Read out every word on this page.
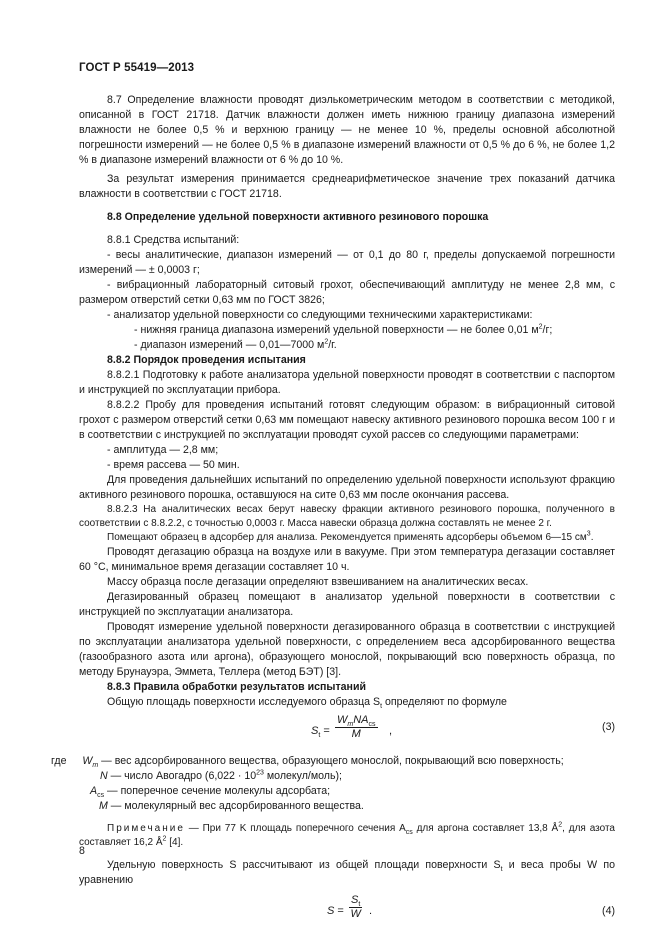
ГОСТ Р 55419—2013

8.7 Определение влажности проводят диэлькометрическим методом в соответствии с методикой, описанной в ГОСТ 21718. Датчик влажности должен иметь нижнюю границу диапазона измерений влажности не более 0,5 % и верхнюю границу — не менее 10 %, пределы основной абсолютной погрешности измерений — не более 0,5 % в диапазоне измерений влажности от 0,5 % до 6 %, не более 1,2 % в диапазоне измерений влажности от 6 % до 10 %.

За результат измерения принимается среднеарифметическое значение трех показаний датчика влажности в соответствии с ГОСТ 21718.

8.8 Определение удельной поверхности активного резинового порошка

8.8.1 Средства испытаний:

- весы аналитические, диапазон измерений — от 0,1 до 80 г, пределы допускаемой погрешности измерений — ± 0,0003 г;

- вибрационный лабораторный ситовый грохот, обеспечивающий амплитуду не менее 2,8 мм, с размером отверстий сетки 0,63 мм по ГОСТ 3826;

- анализатор удельной поверхности со следующими техническими характеристиками:

- нижняя граница диапазона измерений удельной поверхности — не более 0,01 $м^2/г$;

- диапазон измерений — 0,01—7000 $м^2/г$.

8.8.2 Порядок проведения испытания

8.8.2.1 Подготовку к работе анализатора удельной поверхности проводят в соответствии с паспортом и инструкцией по эксплуатации прибора.

8.8.2.2 Пробу для проведения испытаний готовят следующим образом: в вибрационный ситовой грохот с размером отверстий сетки 0,63 мм помещают навеску активного резинового порошка весом 100 г и в соответствии с инструкцией по эксплуатации проводят сухой рассев со следующими параметрами:

- амплитуда — 2,8 мм;

- время рассева — 50 мин.

Для проведения дальнейших испытаний по определению удельной поверхности используют фракцию активного резинового порошка, оставшуюся на сите 0,63 мм после окончания рассева.

8.8.2.3 На аналитических весах берут навеску фракции активного резинового порошка, полученного в соответствии с 8.8.2.2, с точностью 0,0003 г. Масса навески образца должна составлять не менее 2 г.

Помещают образец в адсорбер для анализа. Рекомендуется применять адсорберы объемом 6—15 $см^3$.

Проводят дегазацию образца на воздухе или в вакууме. При этом температура дегазации составляет 60 °С, минимальное время дегазации составляет 10 ч.

Массу образца после дегазации определяют взвешиванием на аналитических весах.

Дегазированный образец помещают в анализатор удельной поверхности в соответствии с инструкцией по эксплуатации анализатора.

Проводят измерение удельной поверхности дегазированного образца в соответствии с инструкцией по эксплуатации анализатора удельной поверхности, с определением веса адсорбированного вещества (газообразного азота или аргона), образующего монослой, покрывающий всю поверхность образца, по методу Брунауэра, Эммета, Теллера (метод БЭТ) [3].

8.8.3 Правила обработки результатов испытаний

Общую площадь поверхности исследуемого образца $S_t$ определяют по формуле

$S_t$ =
$W_mNA_{cs}$
M	,	(3)

где $W_m$ — вес адсорбированного вещества, образующего монослой, покрывающий всю поверхность;

N — число Авогадро ($6,022 \cdot 10^{23}$ молекул/моль);

$A_{cs}$ — поперечное сечение молекулы адсорбата;

M — молекулярный вес адсорбированного вещества.

Примечание — При 77 K площадь поперечного сечения $A_{cs}$ для аргона составляет 13,8 $Å^2$, для азота составляет 16,2 $Å^2$ [4].

Удельную поверхность S рассчитывают из общей площади поверхности $S_t$ и веса пробы W по уравнению

$S = \frac{S_t}{W}$ .	(4)
8
